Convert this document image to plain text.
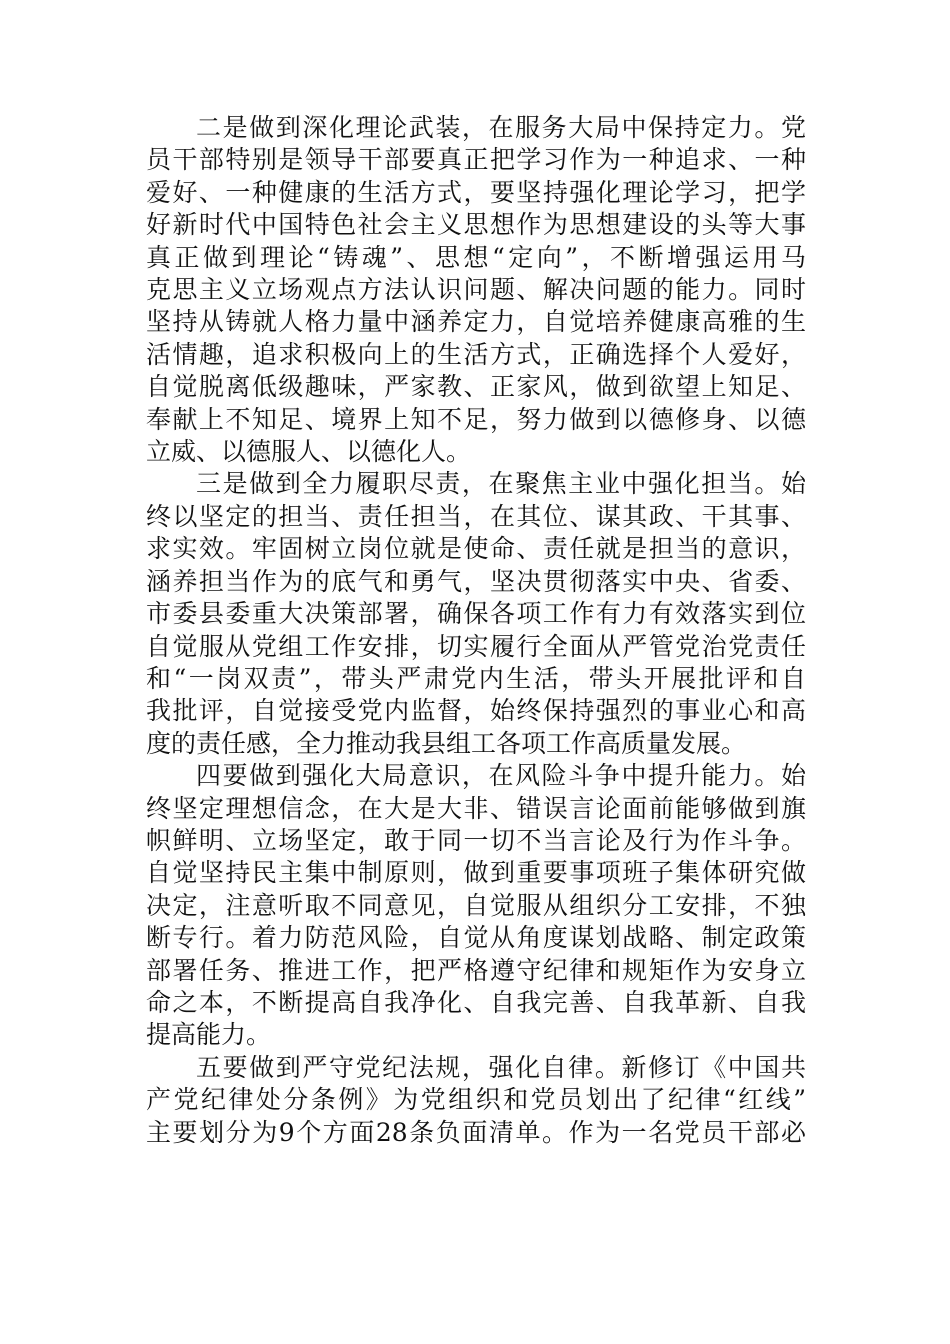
二是做到深化理论武装，在服务大局中保持定力。党
员干部特别是领导干部要真正把学习作为一种追求、一种
爱好、一种健康的生活方式，要坚持强化理论学习，把学
好新时代中国特色社会主义思想作为思想建设的头等大事
真正做到理论“铸魂”、思想“定向”，不断增强运用马
克思主义立场观点方法认识问题、解决问题的能力。同时
坚持从铸就人格力量中涵养定力，自觉培养健康高雅的生
活情趣，追求积极向上的生活方式，正确选择个人爱好，
自觉脱离低级趣味，严家教、正家风，做到欲望上知足、
奉献上不知足、境界上知不足，努力做到以德修身、以德
立威、以德服人、以德化人。
三是做到全力履职尽责，在聚焦主业中强化担当。始
终以坚定的担当、责任担当，在其位、谋其政、干其事、
求实效。牢固树立岗位就是使命、责任就是担当的意识，
涵养担当作为的底气和勇气，坚决贯彻落实中央、省委、
市委县委重大决策部署，确保各项工作有力有效落实到位
自觉服从党组工作安排，切实履行全面从严管党治党责任
和“一岗双责”，带头严肃党内生活，带头开展批评和自
我批评，自觉接受党内监督，始终保持强烈的事业心和高
度的责任感，全力推动我县组工各项工作高质量发展。
四要做到强化大局意识，在风险斗争中提升能力。始
终坚定理想信念，在大是大非、错误言论面前能够做到旗
帜鲜明、立场坚定，敢于同一切不当言论及行为作斗争。
自觉坚持民主集中制原则，做到重要事项班子集体研究做
决定，注意听取不同意见，自觉服从组织分工安排，不独
断专行。着力防范风险，自觉从角度谋划战略、制定政策
部署任务、推进工作，把严格遵守纪律和规矩作为安身立
命之本，不断提高自我净化、自我完善、自我革新、自我
提高能力。
五要做到严守党纪法规，强化自律。新修订《中国共
产党纪律处分条例》为党组织和党员划出了纪律“红线”
主要划分为9个方面28条负面清单。作为一名党员干部必
